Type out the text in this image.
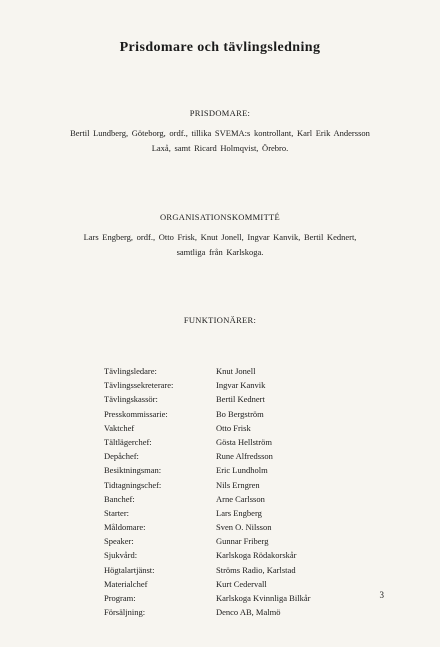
Prisdomare och tävlingsledning

PRISDOMARE:

Bertil Lundberg, Göteborg, ordf., tillika SVEMA:s kontrollant, Karl Erik Andersson
Laxå, samt Ricard Holmqvist, Örebro.

ORGANISATIONSKOMMITTÉ

Lars Engberg, ordf., Otto Frisk, Knut Jonell, Ingvar Kanvik, Bertil Kednert,
samtliga från Karlskoga.

FUNKTIONÄRER:

Tävlingsledare:	Knut Jonell
Tävlingssekreterare:	Ingvar Kanvik
Tävlingskassör:	Bertil Kednert
Presskommissarie:	Bo Bergström
Vaktchef	Otto Frisk
Tältlägerchef:	Gösta Hellström
Depåchef:	Rune Alfredsson
Besiktningsman:	Eric Lundholm
Tidtagningschef:	Nils Erngren
Banchef:	Arne Carlsson
Starter:	Lars Engberg
Måldomare:	Sven O. Nilsson
Speaker:	Gunnar Friberg
Sjukvård:	Karlskoga Rödakorskår
Högtalartjänst:	Ströms Radio, Karlstad
Materialchef	Kurt Cedervall
Program:	Karlskoga Kvinnliga Bilkår
Försäljning:	Denco AB, Malmö
3
